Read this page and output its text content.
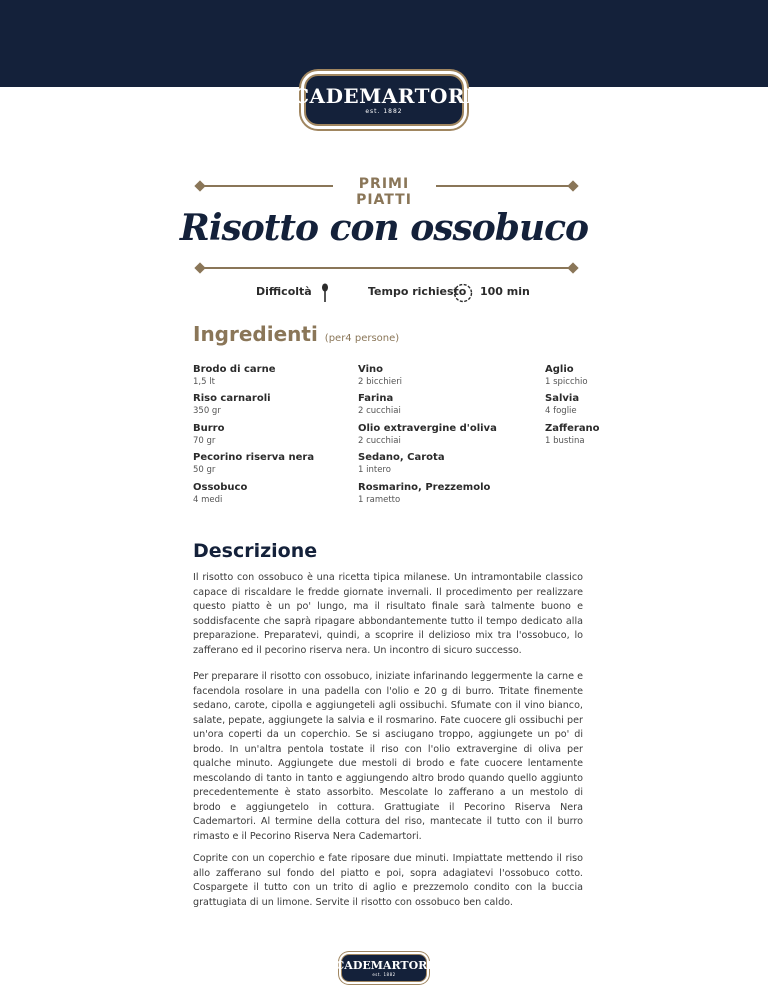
CADEMARTORI
est. 1882
PRIMI PIATTI
Risotto con ossobuco
Difficoltà	Tempo richiesto 100 min
Ingredienti (per4 persone)
Brodo di carne
1,5 lt
Riso carnaroli
350 gr
Burro
70 gr
Pecorino riserva nera
50 gr
Ossobuco
4 medi
Vino
2 bicchieri
Farina
2 cucchiai
Olio extravergine d'oliva
2 cucchiai
Sedano, Carota
1 intero
Rosmarino, Prezzemolo
1 rametto
Aglio
1 spicchio
Salvia
4 foglie
Zafferano
1 bustina
Descrizione
Il risotto con ossobuco è una ricetta tipica milanese. Un intramontabile classico capace di riscaldare le fredde giornate invernali. Il procedimento per realizzare questo piatto è un po' lungo, ma il risultato finale sarà talmente buono e soddisfacente che saprà ripagare abbondantemente tutto il tempo dedicato alla preparazione. Preparatevi, quindi, a scoprire il delizioso mix tra l'ossobuco, lo zafferano ed il pecorino riserva nera. Un incontro di sicuro successo.
Per preparare il risotto con ossobuco, iniziate infarinando leggermente la carne e facendola rosolare in una padella con l'olio e 20 g di burro. Tritate finemente sedano, carote, cipolla e aggiungeteli agli ossibuchi. Sfumate con il vino bianco, salate, pepate, aggiungete la salvia e il rosmarino. Fate cuocere gli ossibuchi per un'ora coperti da un coperchio. Se si asciugano troppo, aggiungete un po' di brodo. In un'altra pentola tostate il riso con l'olio extravergine di oliva per qualche minuto. Aggiungete due mestoli di brodo e fate cuocere lentamente mescolando di tanto in tanto e aggiungendo altro brodo quando quello aggiunto precedentemente è stato assorbito. Mescolate lo zafferano a un mestolo di brodo e aggiungetelo in cottura. Grattugiate il Pecorino Riserva Nera Cademartori. Al termine della cottura del riso, mantecate il tutto con il burro rimasto e il Pecorino Riserva Nera Cademartori.
Coprite con un coperchio e fate riposare due minuti. Impiattate mettendo il riso allo zafferano sul fondo del piatto e poi, sopra adagiatevi l'ossobuco cotto. Cospargete il tutto con un trito di aglio e prezzemolo condito con la buccia grattugiata di un limone. Servite il risotto con ossobuco ben caldo.
CADEMARTORI
est. 1882
